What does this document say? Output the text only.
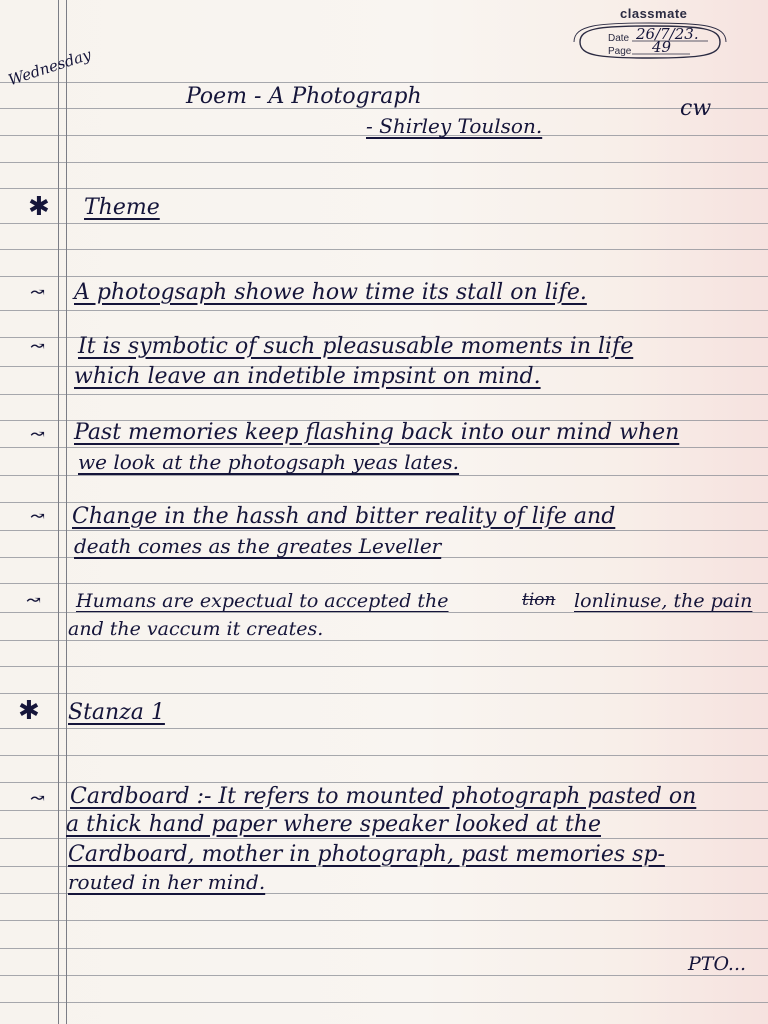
classmate
Date
Page
26/7/23.
49
Wednesday
Poem - A Photograph
- Shirley Toulson.
cw
✱ Theme
↝ A photogsaph showe how time its stall on life.
↝ It is symbotic of such pleasusable moments in life
which leave an indetible impsint on mind.
↝ Past memories keep flashing back into our mind when
we look at the photogsaph yeas lates.
↝ Change in the hassh and bitter reality of life and
death comes as the greates Leveller
↝ Humans are expectual to accepted the	tion lonlinuse, the pain
and the vaccum it creates.
✱ Stanza 1
↝ Cardboard :- It refers to mounted photograph pasted on
a thick hand paper where speaker looked at the
Cardboard, mother in photograph, past memories sp-
routed in her mind.
PTO...
